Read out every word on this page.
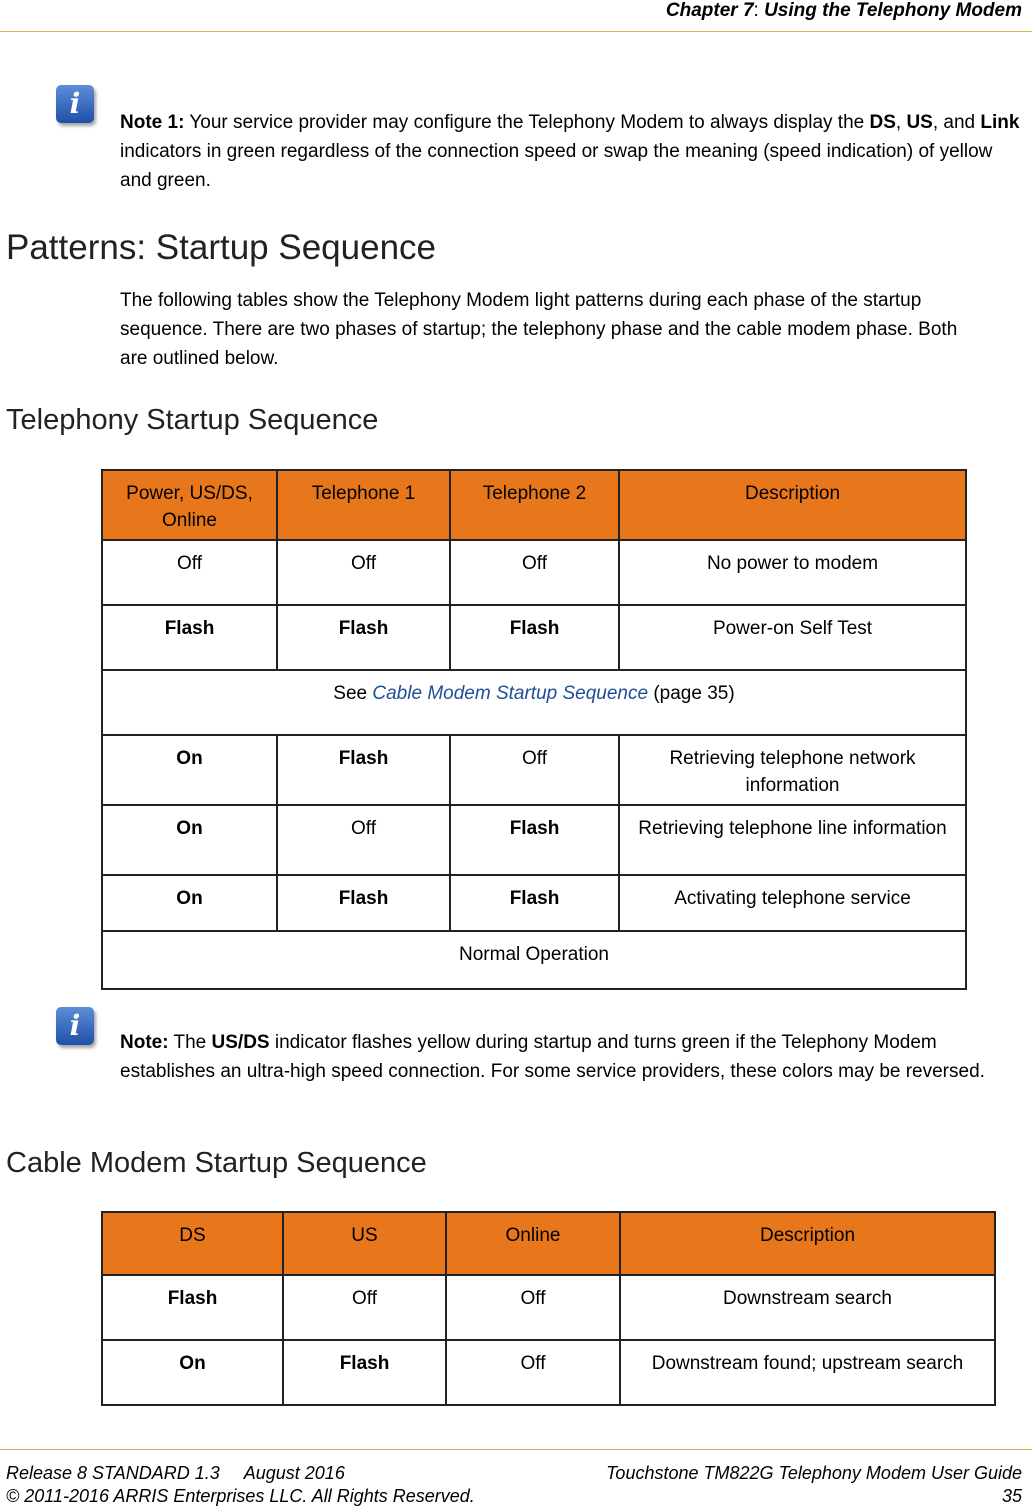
Chapter 7: Using the Telephony Modem
i
Note 1: Your service provider may configure the Telephony Modem to always display the DS, US, and Link indicators in green regardless of the connection speed or swap the meaning (speed indication) of yellow and green.
Patterns: Startup Sequence
The following tables show the Telephony Modem light patterns during each phase of the startup sequence. There are two phases of startup; the telephony phase and the cable modem phase. Both are outlined below.
Telephony Startup Sequence
Power, US/DS, Online	Telephone 1	Telephone 2	Description
Off	Off	Off	No power to modem
Flash	Flash	Flash	Power-on Self Test
See Cable Modem Startup Sequence (page 35)			
On	Flash	Off	Retrieving telephone network information
On	Off	Flash	Retrieving telephone line information
On	Flash	Flash	Activating telephone service
Normal Operation			
i
Note: The US/DS indicator flashes yellow during startup and turns green if the Telephony Modem establishes an ultra-high speed connection. For some service providers, these colors may be reversed.
Cable Modem Startup Sequence
DS	US	Online	Description
Flash	Off	Off	Downstream search
On	Flash	Off	Downstream found; upstream search
Release 8 STANDARD 1.3 August 2016	Touchstone TM822G Telephony Modem User Guide
© 2011-2016 ARRIS Enterprises LLC. All Rights Reserved.	35
